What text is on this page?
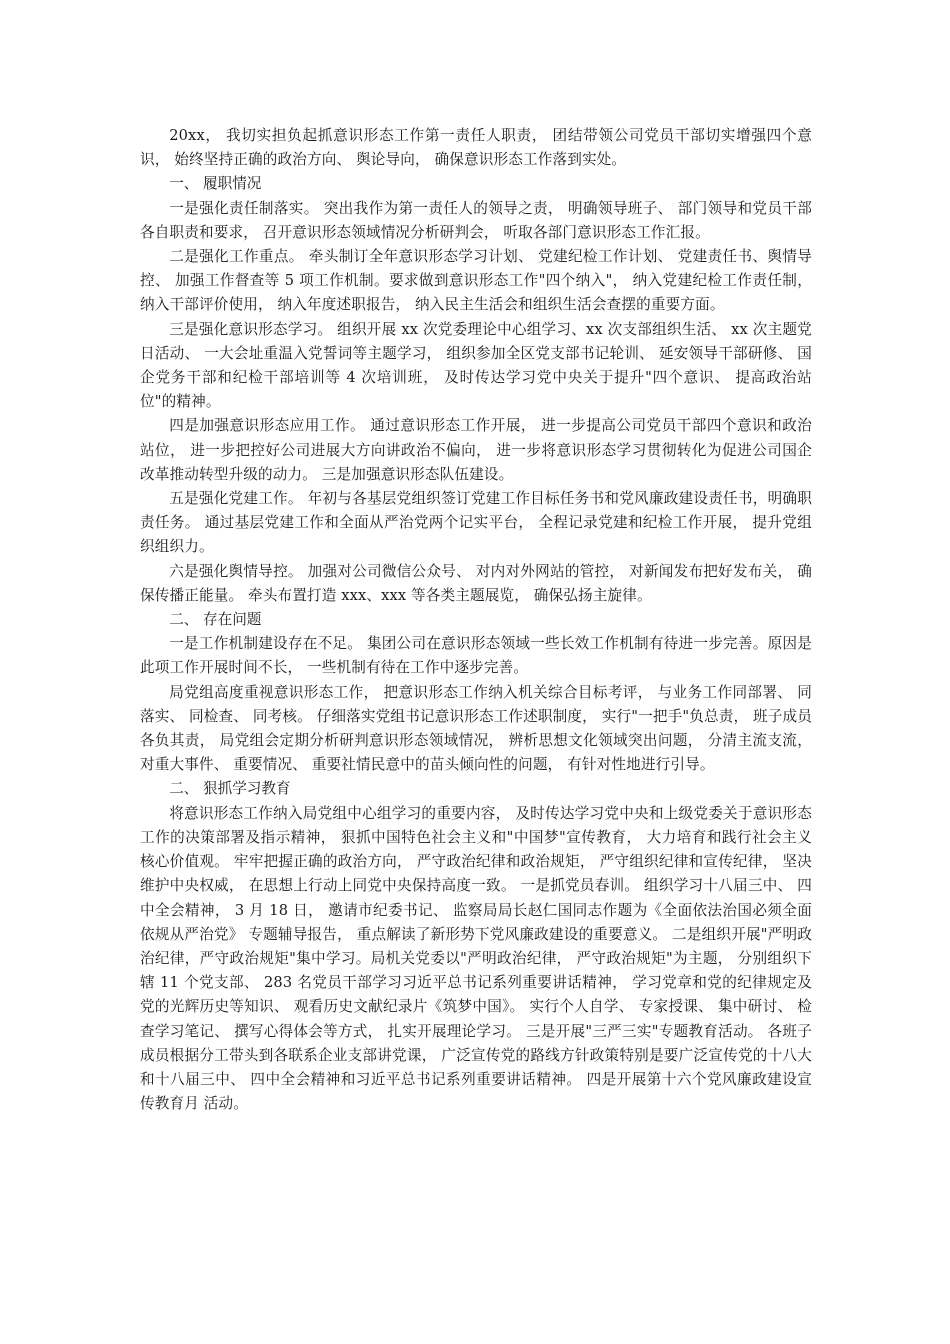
20xx， 我切实担负起抓意识形态工作第一责任人职责， 团结带领公司党员干部切实增强四个意识， 始终坚持正确的政治方向、 舆论导向， 确保意识形态工作落到实处。

一、 履职情况

一是强化责任制落实。 突出我作为第一责任人的领导之责， 明确领导班子、 部门领导和党员干部各自职责和要求， 召开意识形态领域情况分析研判会， 听取各部门意识形态工作汇报。

二是强化工作重点。 牵头制订全年意识形态学习计划、 党建纪检工作计划、 党建责任书、舆情导控、 加强工作督查等 5 项工作机制。要求做到意识形态工作"四个纳入"， 纳入党建纪检工作责任制， 纳入干部评价使用， 纳入年度述职报告， 纳入民主生活会和组织生活会查摆的重要方面。

三是强化意识形态学习。 组织开展 xx 次党委理论中心组学习、xx 次支部组织生活、 xx 次主题党日活动、 一大会址重温入党誓词等主题学习， 组织参加全区党支部书记轮训、 延安领导干部研修、 国企党务干部和纪检干部培训等 4 次培训班， 及时传达学习党中央关于提升"四个意识、 提高政治站位"的精神。

四是加强意识形态应用工作。 通过意识形态工作开展， 进一步提高公司党员干部四个意识和政治站位， 进一步把控好公司进展大方向讲政治不偏向， 进一步将意识形态学习贯彻转化为促进公司国企改革推动转型升级的动力。 三是加强意识形态队伍建设。

五是强化党建工作。 年初与各基层党组织签订党建工作目标任务书和党风廉政建设责任书，明确职责任务。 通过基层党建工作和全面从严治党两个记实平台， 全程记录党建和纪检工作开展， 提升党组织组织力。

六是强化舆情导控。 加强对公司微信公众号、 对内对外网站的管控， 对新闻发布把好发布关， 确保传播正能量。 牵头布置打造 xxx、xxx 等各类主题展览， 确保弘扬主旋律。

二、 存在问题

一是工作机制建设存在不足。 集团公司在意识形态领域一些长效工作机制有待进一步完善。原因是此项工作开展时间不长， 一些机制有待在工作中逐步完善。

局党组高度重视意识形态工作， 把意识形态工作纳入机关综合目标考评， 与业务工作同部署、 同落实、 同检查、 同考核。 仔细落实党组书记意识形态工作述职制度， 实行"一把手"负总责， 班子成员各负其责， 局党组会定期分析研判意识形态领域情况， 辨析思想文化领域突出问题， 分清主流支流， 对重大事件、 重要情况、 重要社情民意中的苗头倾向性的问题， 有针对性地进行引导。

二、 狠抓学习教育

将意识形态工作纳入局党组中心组学习的重要内容， 及时传达学习党中央和上级党委关于意识形态工作的决策部署及指示精神， 狠抓中国特色社会主义和"中国梦"宣传教育， 大力培育和践行社会主义核心价值观。 牢牢把握正确的政治方向， 严守政治纪律和政治规矩， 严守组织纪律和宣传纪律， 坚决维护中央权威， 在思想上行动上同党中央保持高度一致。 一是抓党员春训。 组织学习十八届三中、 四中全会精神， 3 月 18 日， 邀请市纪委书记、 监察局局长赵仁国同志作题为《全面依法治国必须全面依规从严治党》 专题辅导报告， 重点解读了新形势下党风廉政建设的重要意义。 二是组织开展"严明政治纪律，严守政治规矩"集中学习。局机关党委以"严明政治纪律， 严守政治规矩"为主题， 分别组织下辖 11 个党支部、 283 名党员干部学习习近平总书记系列重要讲话精神， 学习党章和党的纪律规定及党的光辉历史等知识、 观看历史文献纪录片《筑梦中国》。 实行个人自学、 专家授课、 集中研讨、 检查学习笔记、 撰写心得体会等方式， 扎实开展理论学习。 三是开展"三严三实"专题教育活动。 各班子成员根据分工带头到各联系企业支部讲党课， 广泛宣传党的路线方针政策特别是要广泛宣传党的十八大和十八届三中、 四中全会精神和习近平总书记系列重要讲话精神。 四是开展第十六个党风廉政建设宣传教育月 活动。
